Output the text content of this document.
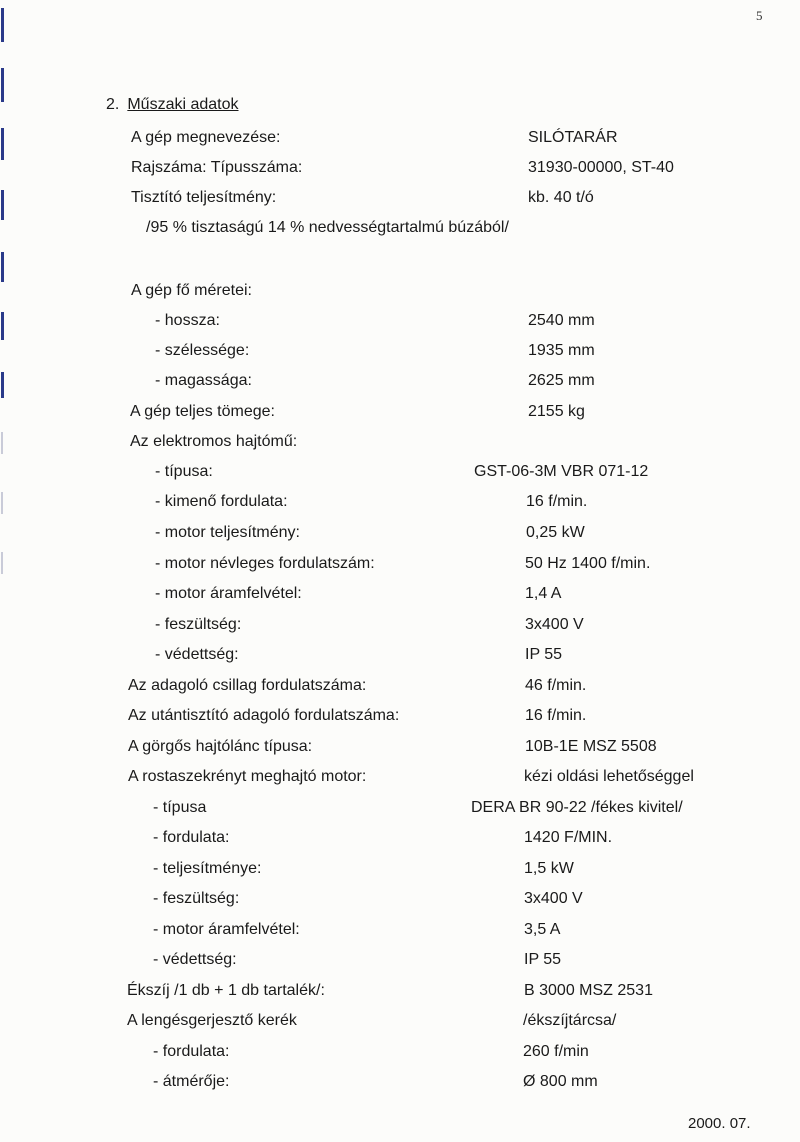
5
2. Műszaki adatok
A gép megnevezése:	SILÓTARÁR
Rajszáma: Típusszáma:	31930-00000, ST-40
Tisztító teljesítmény:	kb. 40 t/ó
/95 % tisztaságú 14 % nedvességtartalmú búzából/
A gép fő méretei:
- hossza:	2540 mm
- szélessége:	1935 mm
- magassága:	2625 mm
A gép teljes tömege:	2155 kg
Az elektromos hajtómű:
- típusa:	GST-06-3M VBR 071-12
- kimenő fordulata:	16 f/min.
- motor teljesítmény:	0,25 kW
- motor névleges fordulatszám:	50 Hz 1400 f/min.
- motor áramfelvétel:	1,4 A
- feszültség:	3x400 V
- védettség:	IP 55
Az adagoló csillag fordulatszáma:	46 f/min.
Az utántisztító adagoló fordulatszáma:	16 f/min.
A görgős hajtólánc típusa:	10B-1E MSZ 5508
A rostaszekrényt meghajtó motor:	kézi oldási lehetőséggel
- típusa	DERA BR 90-22 /fékes kivitel/
- fordulata:	1420 F/MIN.
- teljesítménye:	1,5 kW
- feszültség:	3x400 V
- motor áramfelvétel:	3,5 A
- védettség:	IP 55
Ékszíj /1 db + 1 db tartalék/:	B 3000 MSZ 2531
A lengésgerjesztő kerék	/ékszíjtárcsa/
- fordulata:	260 f/min
- átmérője:	Ø 800 mm
2000. 07.
